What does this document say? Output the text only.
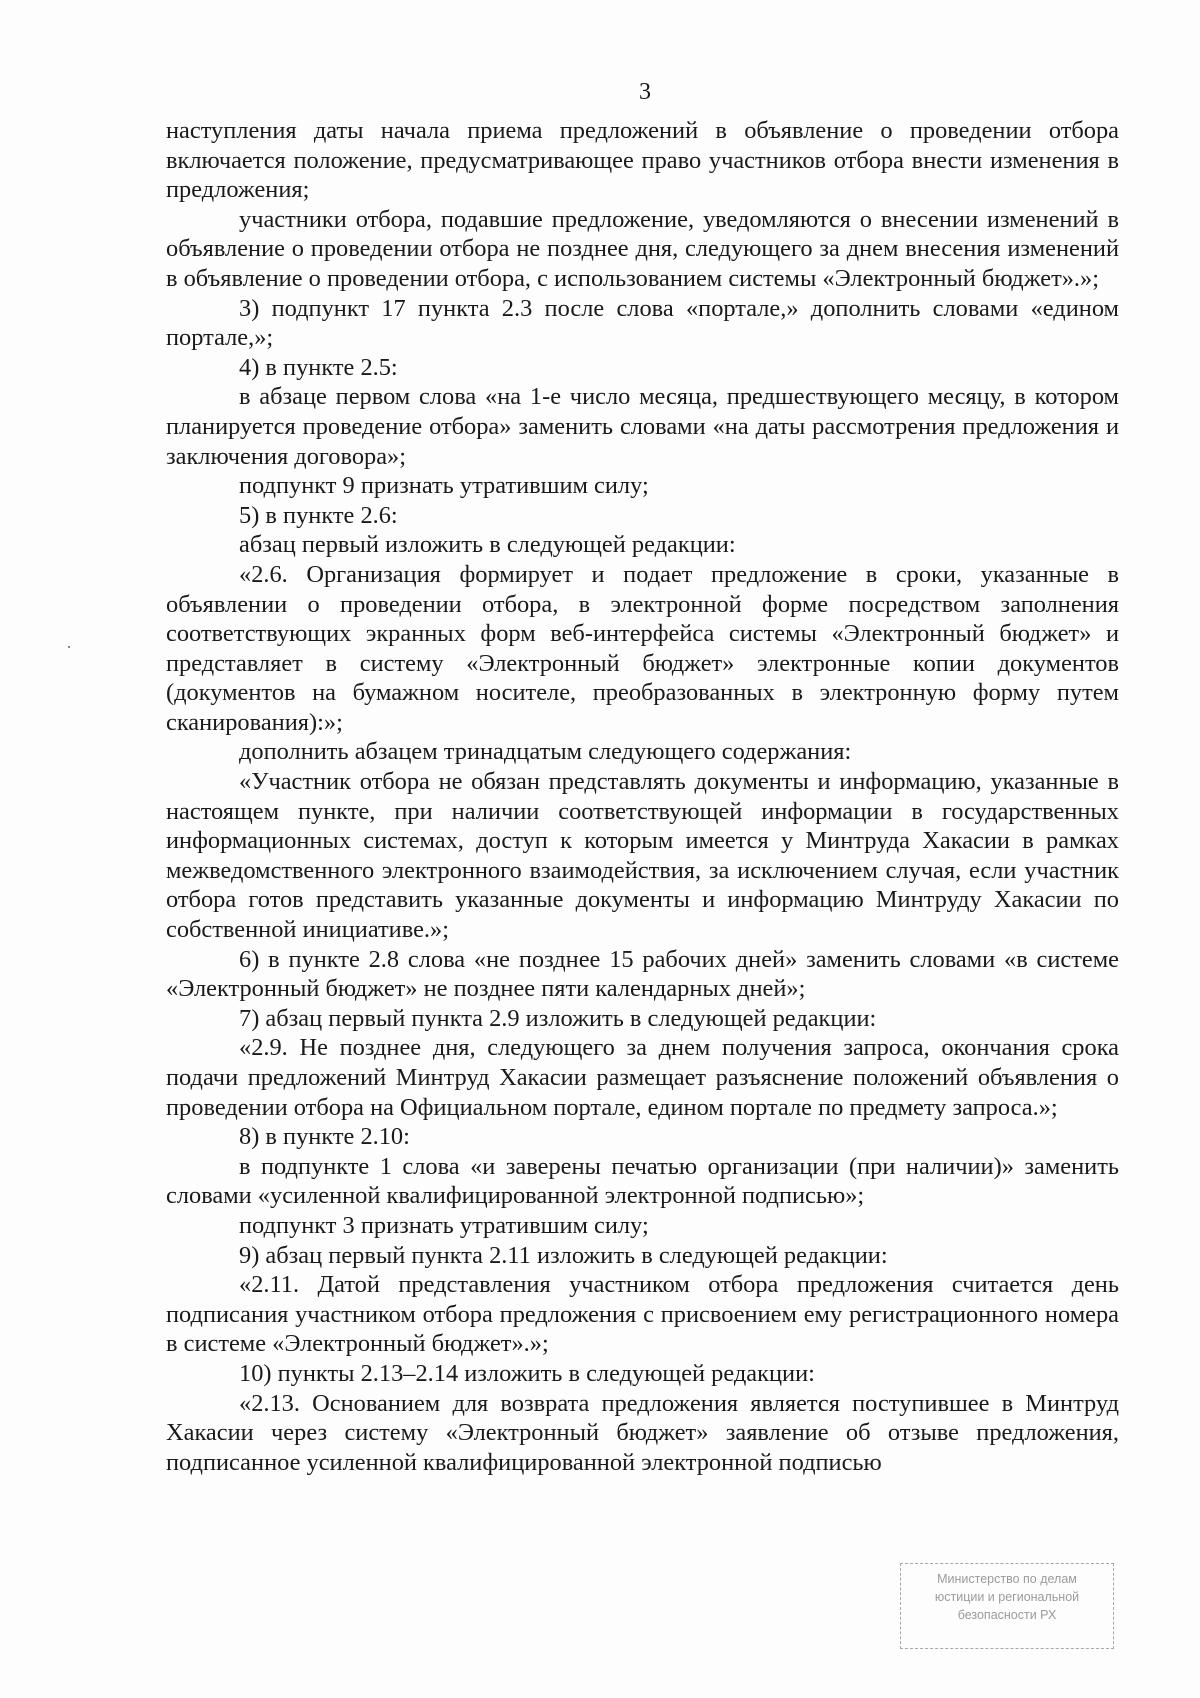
3

наступления даты начала приема предложений в объявление о проведении отбора включается положение, предусматривающее право участников отбора внести изменения в предложения;

участники отбора, подавшие предложение, уведомляются о внесении изменений в объявление о проведении отбора не позднее дня, следующего за днем внесения изменений в объявление о проведении отбора, с использованием системы «Электронный бюджет».»;

3) подпункт 17 пункта 2.3 после слова «портале,» дополнить словами «едином портале,»;

4) в пункте 2.5:

в абзаце первом слова «на 1-е число месяца, предшествующего месяцу, в котором планируется проведение отбора» заменить словами «на даты рассмотрения предложения и заключения договора»;

подпункт 9 признать утратившим силу;

5) в пункте 2.6:

абзац первый изложить в следующей редакции:

«2.6. Организация формирует и подает предложение в сроки, указанные в объявлении о проведении отбора, в электронной форме посредством заполнения соответствующих экранных форм веб-интерфейса системы «Электронный бюджет» и представляет в систему «Электронный бюджет» электронные копии документов (документов на бумажном носителе, преобразованных в электронную форму путем сканирования):»;

дополнить абзацем тринадцатым следующего содержания:

«Участник отбора не обязан представлять документы и информацию, указанные в настоящем пункте, при наличии соответствующей информации в государственных информационных системах, доступ к которым имеется у Минтруда Хакасии в рамках межведомственного электронного взаимодействия, за исключением случая, если участник отбора готов представить указанные документы и информацию Минтруду Хакасии по собственной инициативе.»;

6) в пункте 2.8 слова «не позднее 15 рабочих дней» заменить словами «в системе «Электронный бюджет» не позднее пяти календарных дней»;

7) абзац первый пункта 2.9 изложить в следующей редакции:

«2.9. Не позднее дня, следующего за днем получения запроса, окончания срока подачи предложений Минтруд Хакасии размещает разъяснение положений объявления о проведении отбора на Официальном портале, едином портале по предмету запроса.»;

8) в пункте 2.10:

в подпункте 1 слова «и заверены печатью организации (при наличии)» заменить словами «усиленной квалифицированной электронной подписью»;

подпункт 3 признать утратившим силу;

9) абзац первый пункта 2.11 изложить в следующей редакции:

«2.11. Датой представления участником отбора предложения считается день подписания участником отбора предложения с присвоением ему регистрационного номера в системе «Электронный бюджет».»;

10) пункты 2.13–2.14 изложить в следующей редакции:

«2.13. Основанием для возврата предложения является поступившее в Минтруд Хакасии через систему «Электронный бюджет» заявление об отзыве предложения, подписанное усиленной квалифицированной электронной подписью

Министерство по делам
юстиции и региональной
безопасности РХ
